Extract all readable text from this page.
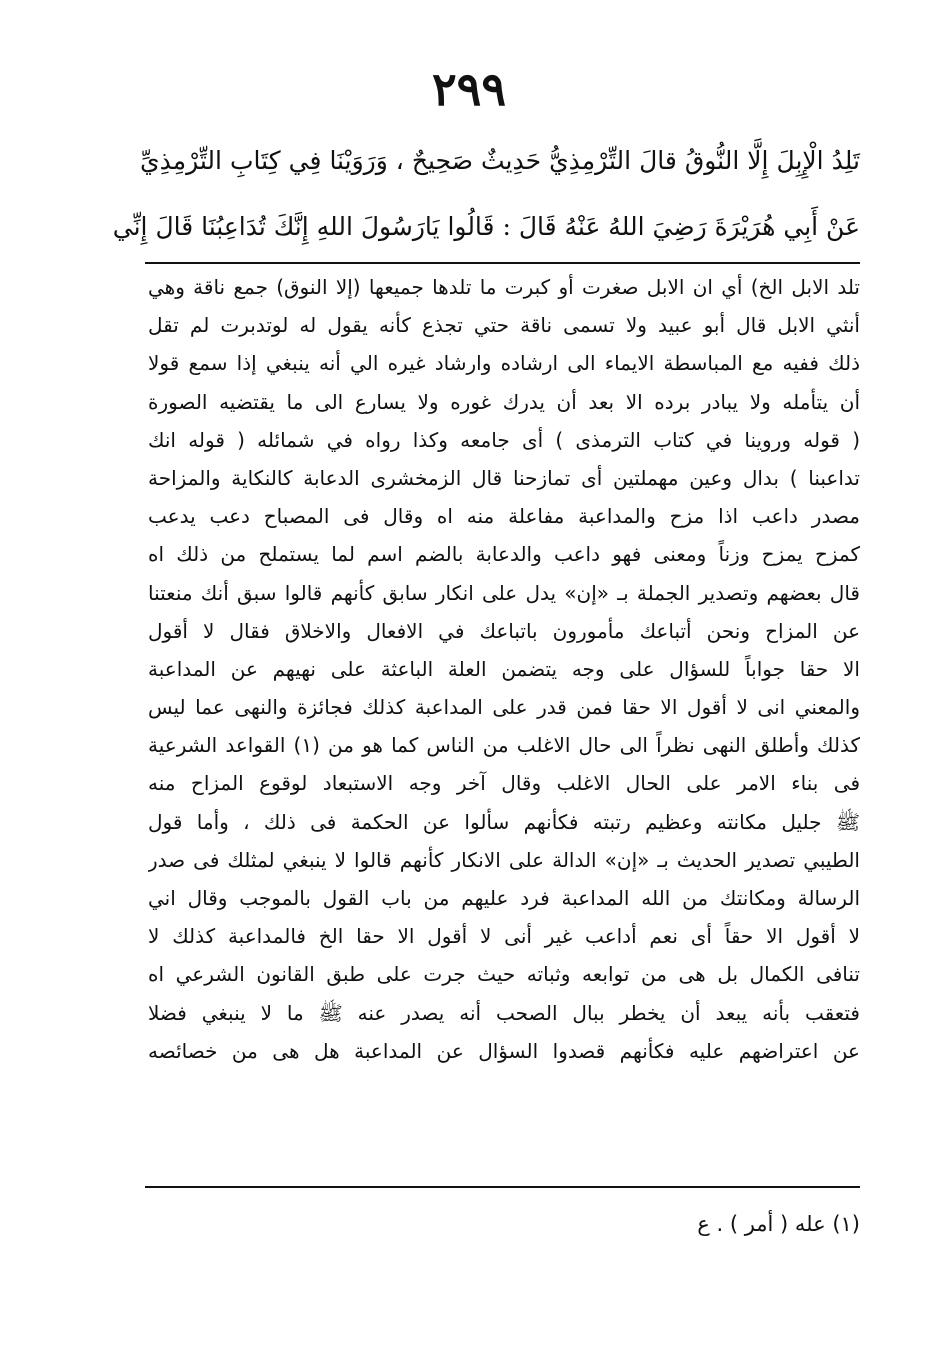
٢٩٩
تَلِدُ الْإِبِلَ إِلَّا النُّوقُ قالَ التِّرْمِذِيُّ حَدِيثٌ صَحِيحٌ ، وَرَوَيْنَا فِي كِتَابِ التِّرْمِذِيِّ
عَنْ أَبِي هُرَيْرَةَ رَضِيَ اللهُ عَنْهُ قَالَ : قَالُوا يَارَسُولَ اللهِ إِنَّكَ تُدَاعِبُنَا قَالَ إِنِّي
تلد الابل الخ) أي ان الابل صغرت أو كبرت ما تلدها جميعها (إلا النوق) جمع ناقة وهي
أنثي الابل قال أبو عبيد ولا تسمى ناقة حتي تجذع كأنه يقول له لوتدبرت لم تقل
ذلك ففيه مع المباسطة الايماء الى ارشاده وارشاد غيره الي أنه ينبغي إذا سمع قولا
أن يتأمله ولا يبادر برده الا بعد أن يدرك غوره ولا يسارع الى ما يقتضيه الصورة
( قوله وروينا في كتاب الترمذى ) أى جامعه وكذا رواه في شمائله ( قوله انك
تداعبنا ) بدال وعين مهملتين أى تمازحنا قال الزمخشرى الدعابة كالنكاية والمزاحة
مصدر داعب اذا مزح والمداعبة مفاعلة منه اه وقال فى المصباح دعب يدعب
كمزح يمزح وزناً ومعنى فهو داعب والدعابة بالضم اسم لما يستملح من ذلك اه
قال بعضهم وتصدير الجملة بـ «إن» يدل على انكار سابق كأنهم قالوا سبق أنك منعتنا
عن المزاح ونحن أتباعك مأمورون باتباعك في الافعال والاخلاق فقال لا أقول
الا حقا جواباً للسؤال على وجه يتضمن العلة الباعثة على نهيهم عن المداعبة
والمعني انى لا أقول الا حقا فمن قدر على المداعبة كذلك فجائزة والنهى عما ليس
كذلك وأطلق النهى نظراً الى حال الاغلب من الناس كما هو من (١) القواعد الشرعية
فى بناء الامر على الحال الاغلب وقال آخر وجه الاستبعاد لوقوع المزاح منه
ﷺ جليل مكانته وعظيم رتبته فكأنهم سألوا عن الحكمة فى ذلك ، وأما قول
الطيبي تصدير الحديث بـ «إن» الدالة على الانكار كأنهم قالوا لا ينبغي لمثلك فى صدر
الرسالة ومكانتك من الله المداعبة فرد عليهم من باب القول بالموجب وقال اني
لا أقول الا حقاً أى نعم أداعب غير أنى لا أقول الا حقا الخ فالمداعبة كذلك لا
تنافى الكمال بل هى من توابعه وثباته حيث جرت على طبق القانون الشرعي اه
فتعقب بأنه يبعد أن يخطر ببال الصحب أنه يصدر عنه ﷺ ما لا ينبغي فضلا
عن اعتراضهم عليه فكأنهم قصدوا السؤال عن المداعبة هل هى من خصائصه
(١) عله ( أمر ) . ع
